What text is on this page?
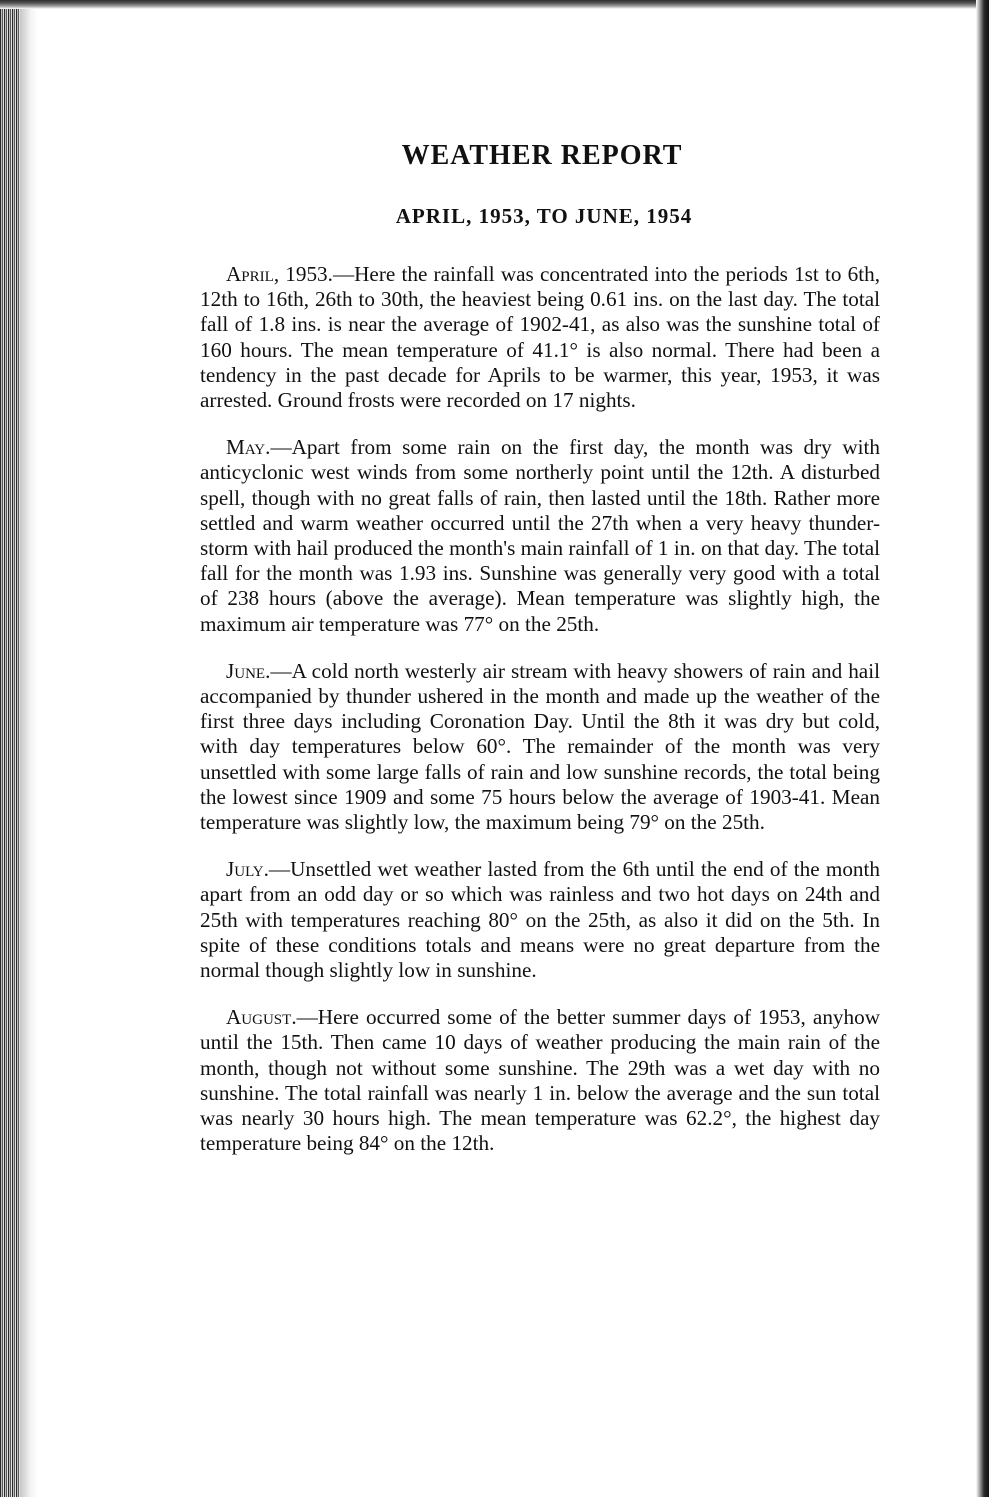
WEATHER REPORT
APRIL, 1953, TO JUNE, 1954

April, 1953.—Here the rainfall was concentrated into the periods 1st to 6th, 12th to 16th, 26th to 30th, the heaviest being 0.61 ins. on the last day. The total fall of 1.8 ins. is near the average of 1902-41, as also was the sunshine total of 160 hours. The mean temperature of 41.1° is also normal. There had been a tendency in the past decade for Aprils to be warmer, this year, 1953, it was arrested. Ground frosts were recorded on 17 nights.

May.—Apart from some rain on the first day, the month was dry with anticyclonic west winds from some northerly point until the 12th. A disturbed spell, though with no great falls of rain, then lasted until the 18th. Rather more settled and warm weather occurred until the 27th when a very heavy thunder-storm with hail produced the month's main rainfall of 1 in. on that day. The total fall for the month was 1.93 ins. Sunshine was generally very good with a total of 238 hours (above the average). Mean temperature was slightly high, the maximum air temperature was 77° on the 25th.

June.—A cold north westerly air stream with heavy showers of rain and hail accompanied by thunder ushered in the month and made up the weather of the first three days including Coronation Day. Until the 8th it was dry but cold, with day temperatures below 60°. The remainder of the month was very unsettled with some large falls of rain and low sunshine records, the total being the lowest since 1909 and some 75 hours below the average of 1903-41. Mean temperature was slightly low, the maximum being 79° on the 25th.

July.—Unsettled wet weather lasted from the 6th until the end of the month apart from an odd day or so which was rainless and two hot days on 24th and 25th with temperatures reaching 80° on the 25th, as also it did on the 5th. In spite of these conditions totals and means were no great departure from the normal though slightly low in sunshine.

August.—Here occurred some of the better summer days of 1953, anyhow until the 15th. Then came 10 days of weather producing the main rain of the month, though not without some sunshine. The 29th was a wet day with no sunshine. The total rainfall was nearly 1 in. below the average and the sun total was nearly 30 hours high. The mean temperature was 62.2°, the highest day temperature being 84° on the 12th.
